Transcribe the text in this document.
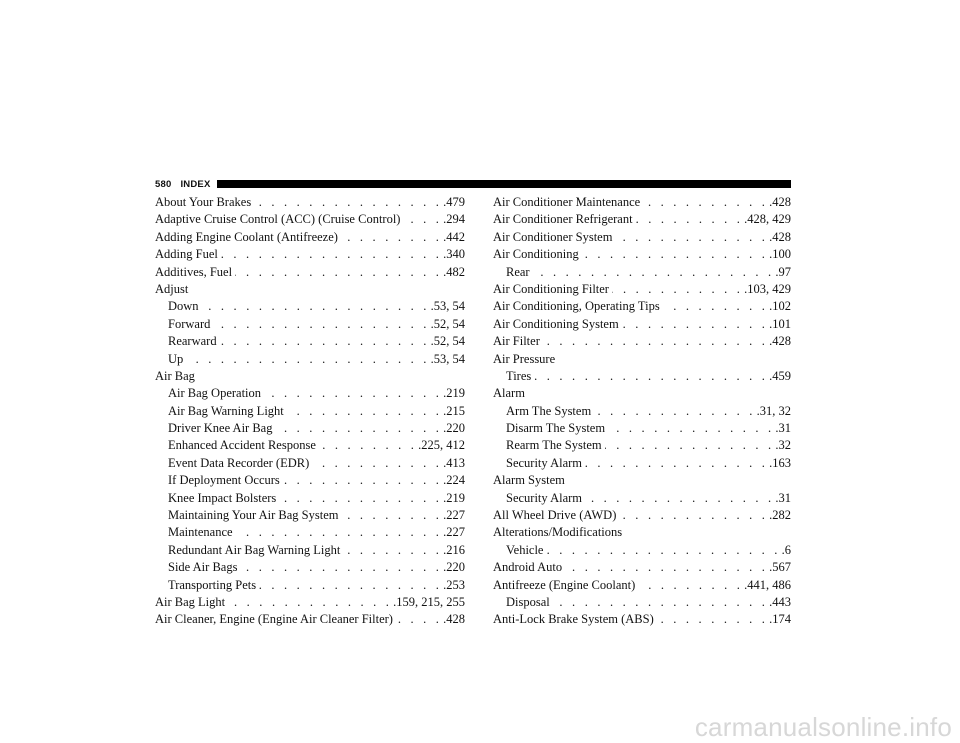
580 INDEX
About Your Brakes . . .	.479
Adaptive Cruise Control (ACC) (Cruise Control) . . .	.294
Adding Engine Coolant (Antifreeze) . . .	.442
Adding Fuel . . .	.340
Additives, Fuel . . .	.482
Adjust
Down . . .	.53, 54
Forward . . .	.52, 54
Rearward . . .	.52, 54
Up . . .	.53, 54
Air Bag
Air Bag Operation . . .	.219
Air Bag Warning Light . . .	.215
Driver Knee Air Bag . . .	.220
Enhanced Accident Response . . .	.225, 412
Event Data Recorder (EDR) . . .	.413
If Deployment Occurs . . .	.224
Knee Impact Bolsters . . .	.219
Maintaining Your Air Bag System . . .	.227
Maintenance . . .	.227
Redundant Air Bag Warning Light . . .	.216
Side Air Bags . . .	.220
Transporting Pets . . .	.253
Air Bag Light . . .	.159, 215, 255
Air Cleaner, Engine (Engine Air Cleaner Filter) . . .	.428
Air Conditioner Maintenance . . .	.428
Air Conditioner Refrigerant . . .	.428, 429
Air Conditioner System . . .	.428
Air Conditioning . . .	.100
Rear . . .	.97
Air Conditioning Filter . . .	.103, 429
Air Conditioning, Operating Tips . . .	.102
Air Conditioning System . . .	.101
Air Filter . . .	.428
Air Pressure
Tires . . .	.459
Alarm
Arm The System . . .	.31, 32
Disarm The System . . .	.31
Rearm The System . . .	.32
Security Alarm . . .	.163
Alarm System
Security Alarm . . .	.31
All Wheel Drive (AWD) . . .	.282
Alterations/Modifications
Vehicle . . .	.6
Android Auto . . .	.567
Antifreeze (Engine Coolant) . . .	.441, 486
Disposal . . .	.443
Anti-Lock Brake System (ABS) . . .	.174
carmanualsonline.info
